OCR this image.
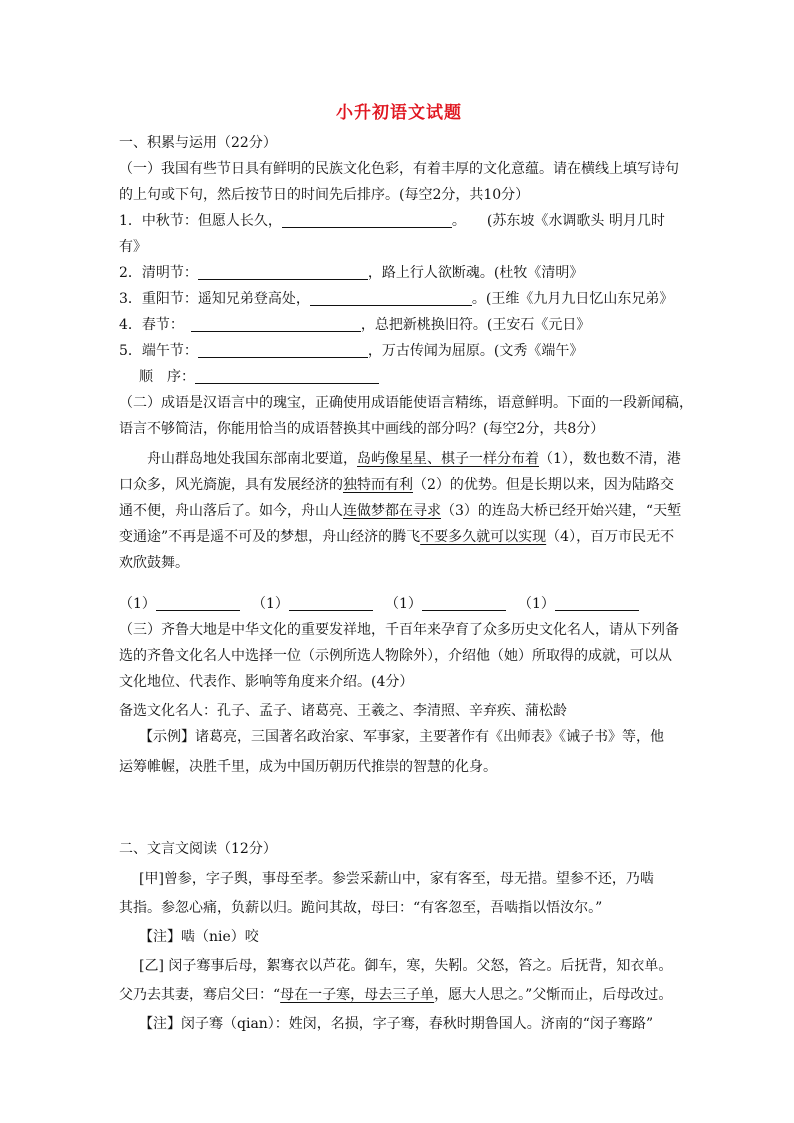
小升初语文试题
一、积累与运用（22分）
（一）我国有些节日具有鲜明的民族文化色彩，有着丰厚的文化意蕴。请在横线上填写诗句
的上句或下句，然后按节日的时间先后排序。(每空2分，共10分）
1．中秋节：但愿人长久，	。　　(苏东坡《水调歌头 明月几时
有》
2．清明节：	，路上行人欲断魂。(杜牧《清明》
3．重阳节：遥知兄弟登高处，	。(王维《九月九日忆山东兄弟》
4．春节：　	，总把新桃换旧符。(王安石《元日》
5．端午节：	，万古传闻为屈原。(文秀《端午》
顺　序：
（二）成语是汉语言中的瑰宝，正确使用成语能使语言精练，语意鲜明。下面的一段新闻稿，
语言不够简洁，你能用恰当的成语替换其中画线的部分吗？(每空2分，共8分）
舟山群岛地处我国东部南北要道，岛屿像星星、棋子一样分布着（1），数也数不清，港
口众多，风光旖旎，具有发展经济的独特而有利（2）的优势。但是长期以来，因为陆路交
通不便，舟山落后了。如今，舟山人连做梦都在寻求（3）的连岛大桥已经开始兴建，“天堑
变通途”不再是遥不可及的梦想，舟山经济的腾飞不要多久就可以实现（4），百万市民无不
欢欣鼓舞。
（1）	（1）	（1）	（1）
（三）齐鲁大地是中华文化的重要发祥地，千百年来孕育了众多历史文化名人，请从下列备
选的齐鲁文化名人中选择一位（示例所选人物除外），介绍他（她）所取得的成就，可以从
文化地位、代表作、影响等角度来介绍。(4分）
备选文化名人：孔子、孟子、诸葛亮、王羲之、李清照、辛弃疾、蒲松龄
【示例】诸葛亮，三国著名政治家、军事家，主要著作有《出师表》《诫子书》等，他
运筹帷幄，决胜千里，成为中国历朝历代推崇的智慧的化身。
二、文言文阅读（12分）
[甲]曾参，字子舆，事母至孝。参尝采薪山中，家有客至，母无措。望参不还，乃啮
其指。参忽心痛，负薪以归。跪问其故，母曰：“有客忽至，吾啮指以悟汝尔。”
【注】啮（nie）咬
[乙] 闵子骞事后母，絮骞衣以芦花。御车，寒，失靷。父怒，笞之。后抚背，知衣单。
父乃去其妻，骞启父曰：“母在一子寒，母去三子单，愿大人思之。”父惭而止，后母改过。
【注】闵子骞（qian）：姓闵，名损，字子骞，春秋时期鲁国人。济南的“闵子骞路”
